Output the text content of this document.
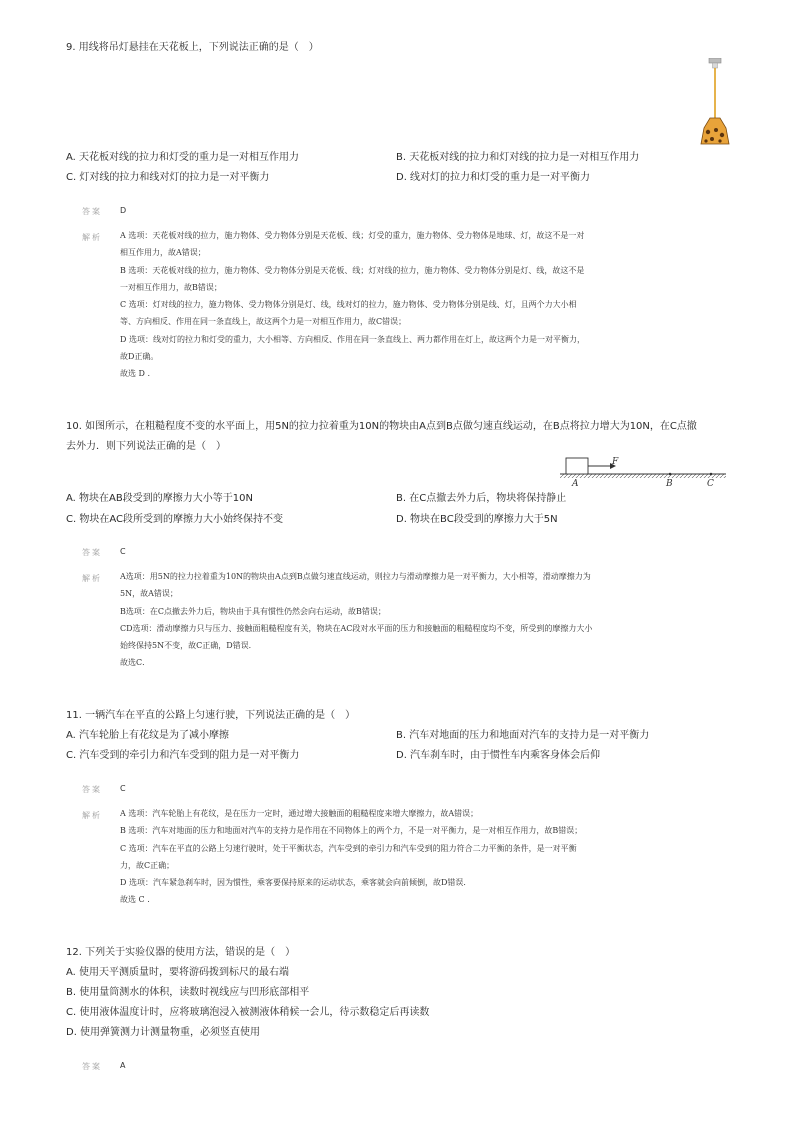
9. 用线将吊灯悬挂在天花板上，下列说法正确的是（　）
A. 天花板对线的拉力和灯受的重力是一对相互作用力	B. 天花板对线的拉力和灯对线的拉力是一对相互作用力
C. 灯对线的拉力和线对灯的拉力是一对平衡力	D. 线对灯的拉力和灯受的重力是一对平衡力
答案 D
解析 A 选项：天花板对线的拉力，施力物体、受力物体分别是天花板、线；灯受的重力，施力物体、受力物体是地球、灯，故这不是一对
相互作用力，故A错误；
B 选项：天花板对线的拉力，施力物体、受力物体分别是天花板、线；灯对线的拉力，施力物体、受力物体分别是灯、线，故这不是
一对相互作用力，故B错误；
C 选项：灯对线的拉力，施力物体、受力物体分别是灯、线，线对灯的拉力，施力物体、受力物体分别是线、灯，且两个力大小相
等、方向相反、作用在同一条直线上，故这两个力是一对相互作用力，故C错误；
D 选项：线对灯的拉力和灯受的重力，大小相等、方向相反、作用在同一条直线上、两力都作用在灯上，故这两个力是一对平衡力，
故D正确。
故选 D .
10. 如图所示，在粗糙程度不变的水平面上，用5N的拉力拉着重为10N的物块由A点到B点做匀速直线运动，在B点将拉力增大为10N，在C点撤
去外力．则下列说法正确的是（　）
F
A	B	C
A. 物块在AB段受到的摩擦力大小等于10N	B. 在C点撤去外力后，物块将保持静止
C. 物块在AC段所受到的摩擦力大小始终保持不变	D. 物块在BC段受到的摩擦力大于5N
答案 C
解析 A选项：用5N的拉力拉着重为10N的物块由A点到B点做匀速直线运动，则拉力与滑动摩擦力是一对平衡力，大小相等，滑动摩擦力为
5N，故A错误；
B选项：在C点撤去外力后，物块由于具有惯性仍然会向右运动，故B错误；
CD选项：滑动摩擦力只与压力、接触面粗糙程度有关，物块在AC段对水平面的压力和接触面的粗糙程度均不变，所受到的摩擦力大小
始终保持5N不变，故C正确，D错误．
故选C．
11. 一辆汽车在平直的公路上匀速行驶，下列说法正确的是（　）
A. 汽车轮胎上有花纹是为了减小摩擦	B. 汽车对地面的压力和地面对汽车的支持力是一对平衡力
C. 汽车受到的牵引力和汽车受到的阻力是一对平衡力	D. 汽车刹车时，由于惯性车内乘客身体会后仰
答案 C
解析 A 选项：汽车轮胎上有花纹，是在压力一定时，通过增大接触面的粗糙程度来增大摩擦力，故A错误；
B 选项：汽车对地面的压力和地面对汽车的支持力是作用在不同物体上的两个力，不是一对平衡力，是一对相互作用力，故B错误；
C 选项：汽车在平直的公路上匀速行驶时，处于平衡状态，汽车受到的牵引力和汽车受到的阻力符合二力平衡的条件，是一对平衡
力，故C正确；
D 选项：汽车紧急刹车时，因为惯性，乘客要保持原来的运动状态，乘客就会向前倾倒，故D错误．
故选 C .
12. 下列关于实验仪器的使用方法，错误的是（　）
A. 使用天平测质量时，要将游码拨到标尺的最右端
B. 使用量筒测水的体积，读数时视线应与凹形底部相平
C. 使用液体温度计时，应将玻璃泡浸入被测液体稍候一会儿，待示数稳定后再读数
D. 使用弹簧测力计测量物重，必须竖直使用
答案 A
